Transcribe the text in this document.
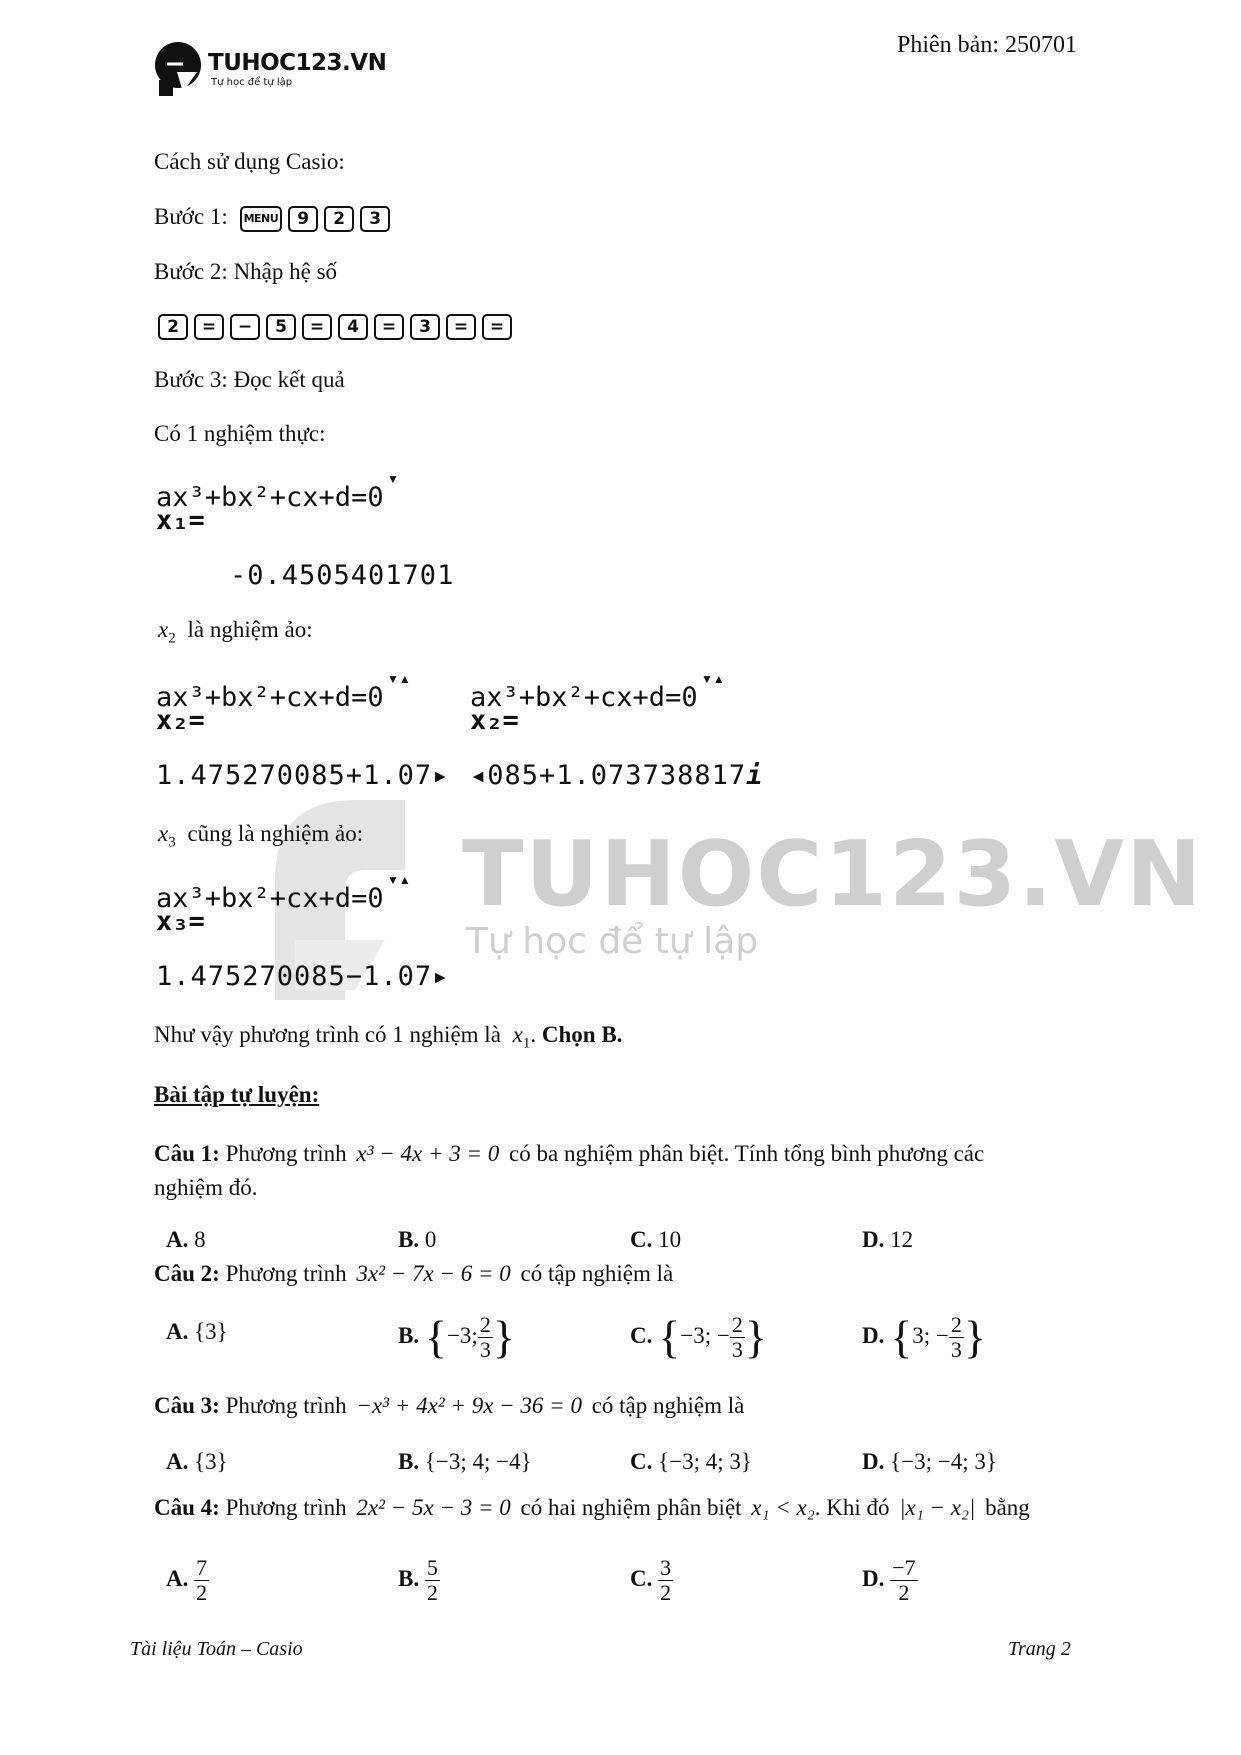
TUHOC123.VN
Tự học để tự lập
TUHOC123.VN
Tự học để tự lập
Phiên bản: 250701
Cách sử dụng Casio:
Bước 1: MENU 9 2 3
Bước 2: Nhập hệ số
2 = − 5 = 4 = 3 = =
Bước 3: Đọc kết quả
Có 1 nghiệm thực:
ax³+bx²+cx+d=0
▼
x₁=
-0.4505401701
$x_2$ là nghiệm ảo:
ax³+bx²+cx+d=0
▼▲
x₂=
1.475270085+1.07▸
ax³+bx²+cx+d=0
▼▲
x₂=
◂085+1.073738817i
$x_3$ cũng là nghiệm ảo:
ax³+bx²+cx+d=0
▼▲
x₃=
1.475270085−1.07▸
Như vậy phương trình có 1 nghiệm là $x_1$. Chọn B.
Bài tập tự luyện:
Câu 1: Phương trình x³ − 4x + 3 = 0 có ba nghiệm phân biệt. Tính tổng bình phương các
nghiệm đó.
A. 8	B. 0	C. 10	D. 12
Câu 2: Phương trình 3x² − 7x − 6 = 0 có tập nghiệm là
A. {3}	B. {−3; $\frac{2}{3}$ }	C. {−3; − $\frac{2}{3}$ }	D. {3; − $\frac{2}{3}$ }
Câu 3: Phương trình −x³ + 4x² + 9x − 36 = 0 có tập nghiệm là
A. {3}	B. {−3; 4; −4}	C. {−3; 4; 3}	D. {−3; −4; 3}
Câu 4: Phương trình 2x² − 5x − 3 = 0 có hai nghiệm phân biệt x₁ < x₂. Khi đó |x₁ − x₂| bằng
A. $\frac{7}{2}$	B. $\frac{5}{2}$	C. $\frac{3}{2}$	D. $\frac{-7}{2}$
Tài liệu Toán – Casio	Trang 2
